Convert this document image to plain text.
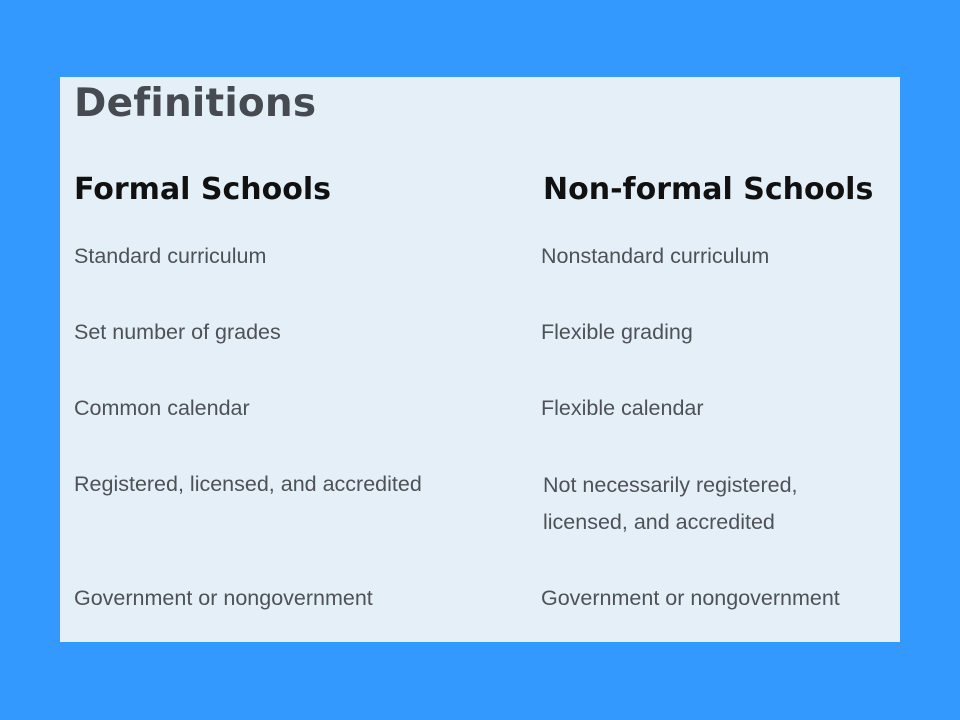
Definitions
Formal Schools	Non-formal Schools
Standard curriculum	Nonstandard curriculum
Set number of grades	Flexible grading
Common calendar	Flexible calendar
Registered, licensed, and accredited	Not necessarily registered,
licensed, and accredited
Government or nongovernment	Government or nongovernment
